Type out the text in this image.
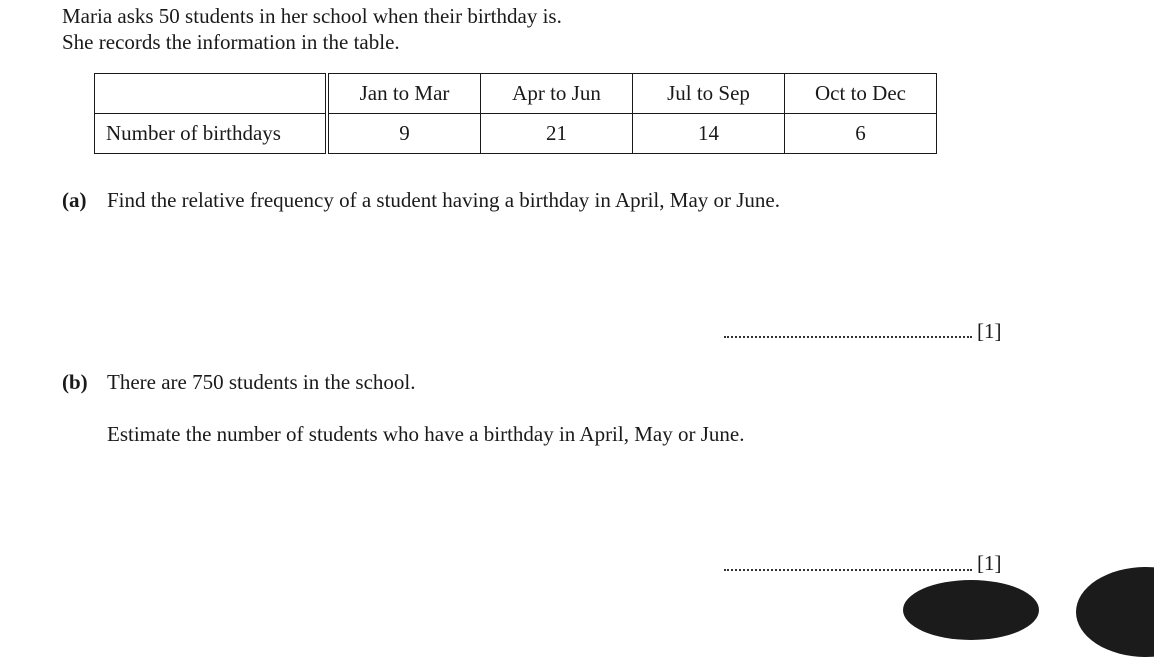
Maria asks 50 students in her school when their birthday is.
She records the information in the table.
	Jan to Mar	Apr to Jun	Jul to Sep	Oct to Dec
Number of birthdays	9	21	14	6
(a) Find the relative frequency of a student having a birthday in April, May or June.
[1]
(b) There are 750 students in the school.
Estimate the number of students who have a birthday in April, May or June.
[1]
